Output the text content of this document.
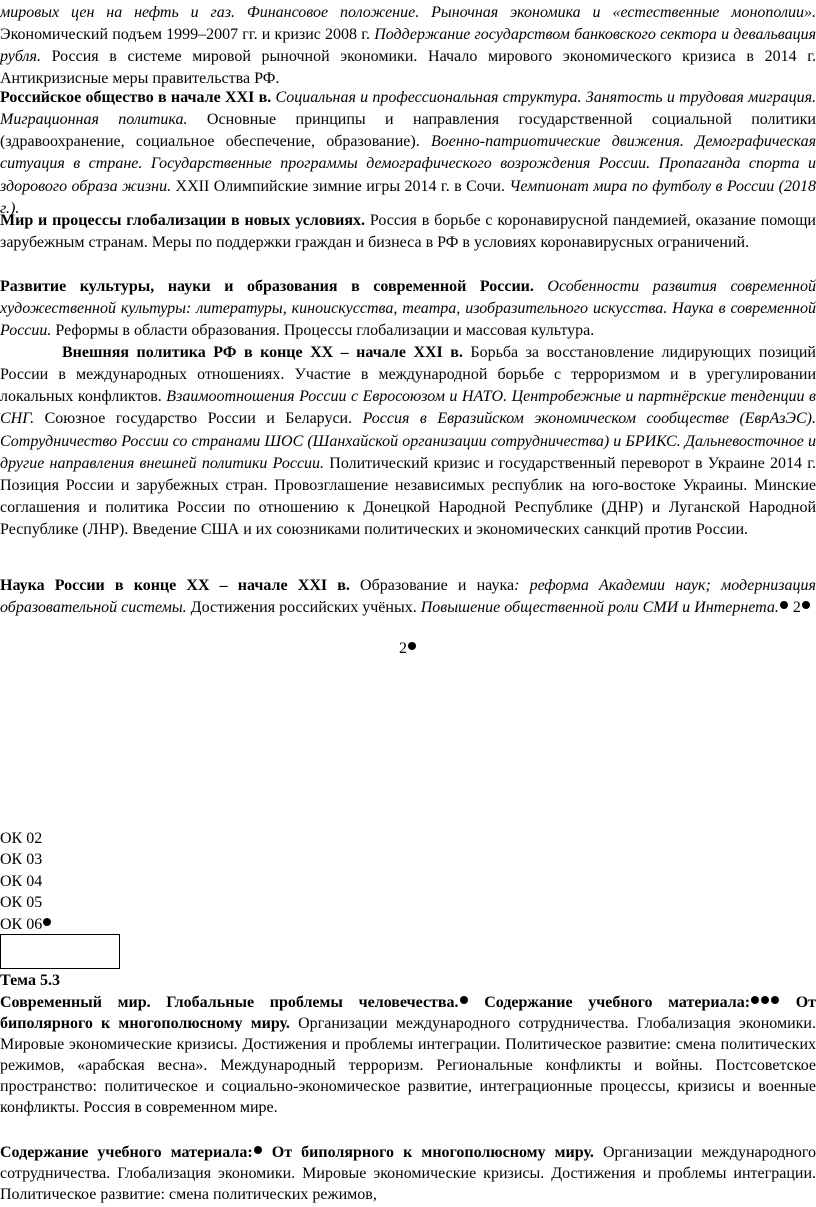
мировых цен на нефть и газ. Финансовое положение. Рыночная экономика и «естественные монополии». Экономический подъем 1999–2007 гг. и кризис 2008 г. Поддержание государством банковского сектора и девальвация рубля. Россия в системе мировой рыночной экономики. Начало мирового экономического кризиса в 2014 г. Антикризисные меры правительства РФ.

Российское общество в начале XXI в. Социальная и профессиональная структура. Занятость и трудовая миграция. Миграционная политика. Основные принципы и направления государственной социальной политики (здравоохранение, социальное обеспечение, образование). Военно-патриотические движения. Демографическая ситуация в стране. Государственные программы демографического возрождения России. Пропаганда спорта и здорового образа жизни. XXII Олимпийские зимние игры 2014 г. в Сочи. Чемпионат мира по футболу в России (2018 г.).

Мир и процессы глобализации в новых условиях. Россия в борьбе с коронавирусной пандемией, оказание помощи зарубежным странам. Меры по поддержки граждан и бизнеса в РФ в условиях коронавирусных ограничений.

Развитие культуры, науки и образования в современной России. Особенности развития современной художественной культуры: литературы, киноискусства, театра, изобразительного искусства. Наука в современной России. Реформы в области образования. Процессы глобализации и массовая культура.

Внешняя политика РФ в конце XX – начале XXI в. Борьба за восстановление лидирующих позиций России в международных отношениях. Участие в международной борьбе с терроризмом и в урегулировании локальных конфликтов. Взаимоотношения России с Евросоюзом и НАТО. Центробежные и партнёрские тенденции в СНГ. Союзное государство России и Беларуси. Россия в Евразийском экономическом сообществе (ЕврАзЭС). Сотрудничество России со странами ШОС (Шанхайской организации сотрудничества) и БРИКС. Дальневосточное и другие направления внешней политики России. Политический кризис и государственный переворот в Украине 2014 г. Позиция России и зарубежных стран. Провозглашение независимых республик на юго-востоке Украины. Минские соглашения и политика России по отношению к Донецкой Народной Республике (ДНР) и Луганской Народной Республике (ЛНР). Введение США и их союзниками политических и экономических санкций против России.

Наука России в конце XX – начале XXI в. Образование и наука: реформа Академии наук; модернизация образовательной системы. Достижения российских учёных. Повышение общественной роли СМИ и Интернета. 2

2
ОК 02
ОК 03
ОК 04
ОК 05
ОК 06
Тема 5.3

Современный мир. Глобальные проблемы человечества. Содержание учебного материала: От биполярного к многополюсному миру. Организации международного сотрудничества. Глобализация экономики. Мировые экономические кризисы. Достижения и проблемы интеграции. Политическое развитие: смена политических режимов, «арабская весна». Международный терроризм. Региональные конфликты и войны. Постсоветское пространство: политическое и социально-экономическое развитие, интеграционные процессы, кризисы и военные конфликты. Россия в современном мире.

Содержание учебного материала: От биполярного к многополюсному миру. Организации международного сотрудничества. Глобализация экономики. Мировые экономические кризисы. Достижения и проблемы интеграции. Политическое развитие: смена политических режимов,
